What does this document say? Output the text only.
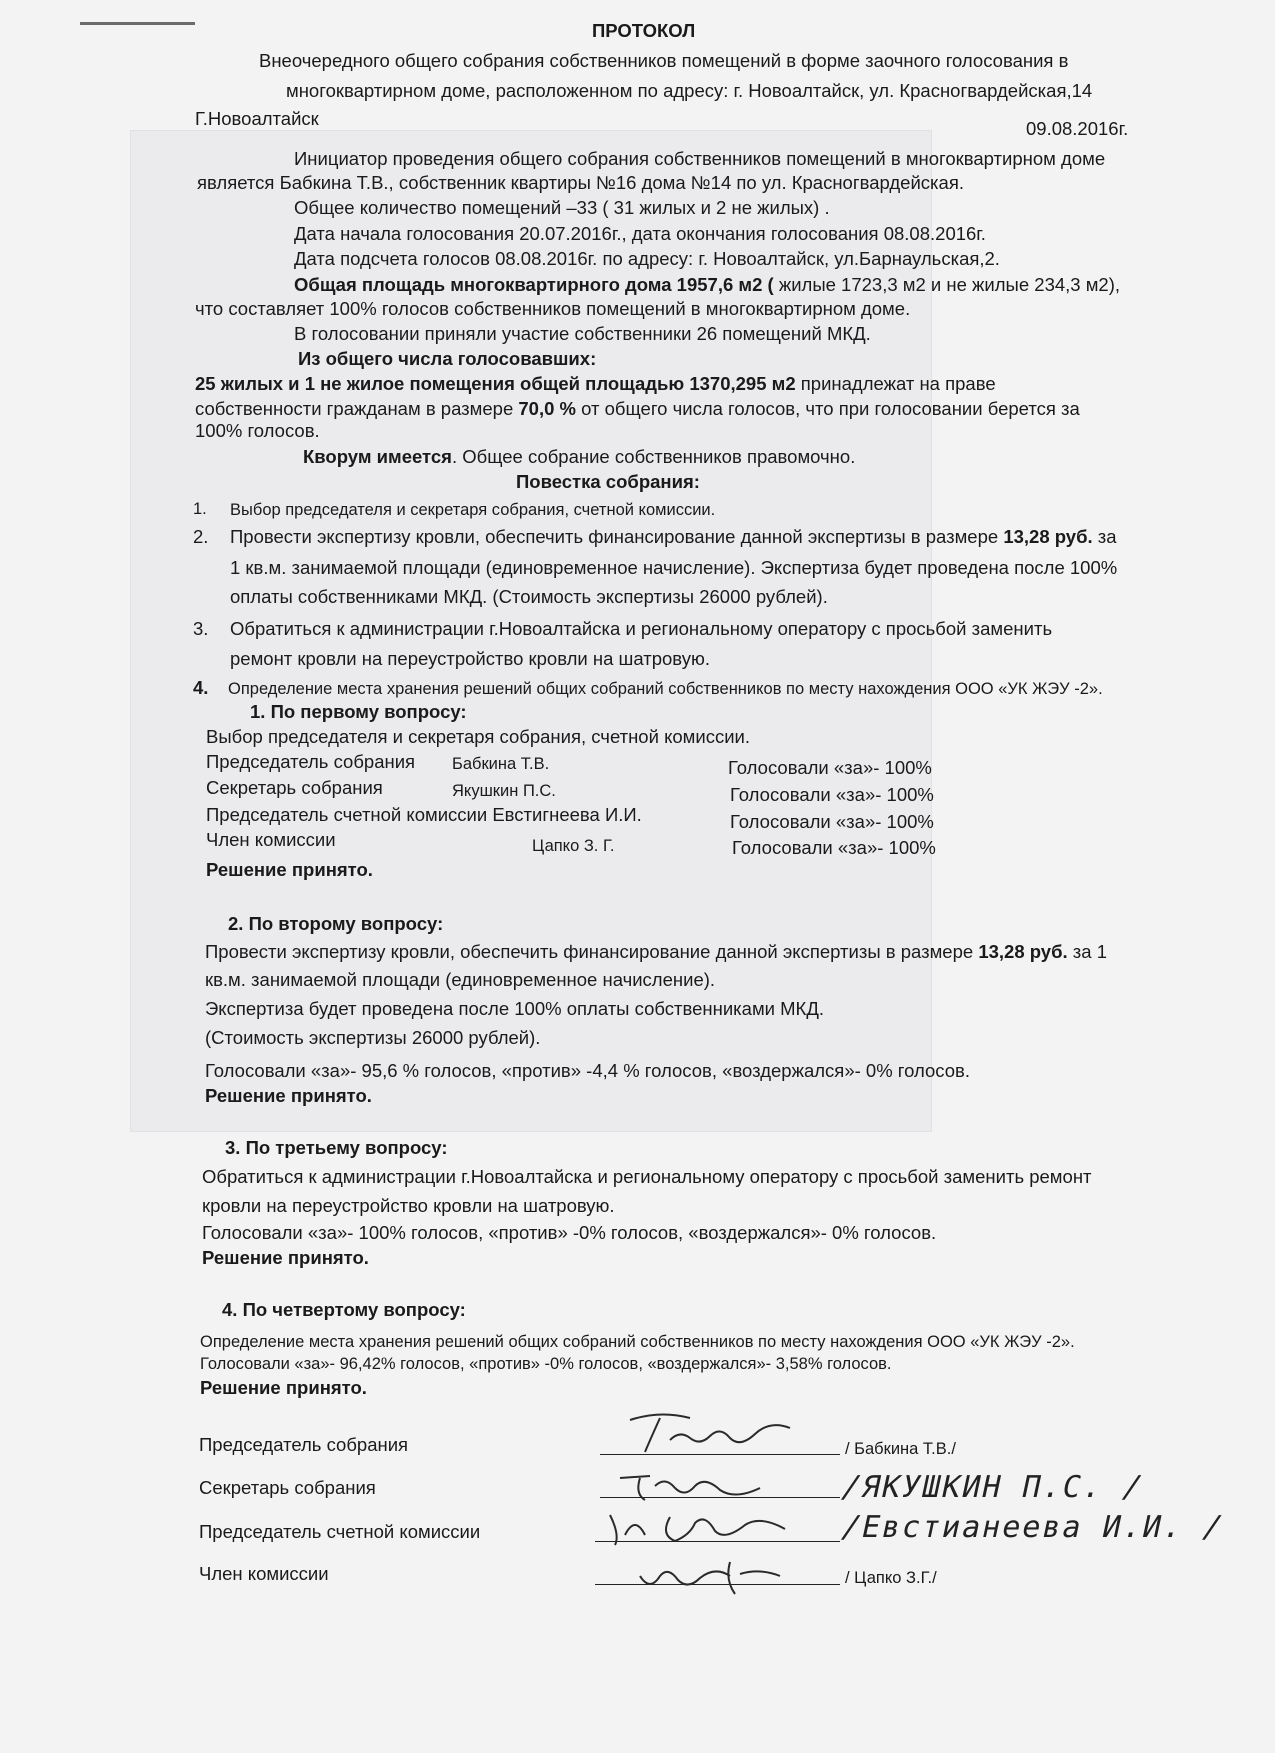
ПРОТОКОЛ
Внеочередного общего собрания собственников помещений в форме заочного голосования в
многоквартирном доме, расположенном по адресу: г. Новоалтайск, ул. Красногвардейская,14
Г.Новоалтайск	09.08.2016г.
Инициатор проведения общего собрания собственников помещений в многоквартирном доме
является Бабкина Т.В., собственник квартиры №16 дома №14 по ул. Красногвардейская.
Общее количество помещений –33 ( 31 жилых и 2 не жилых) .
Дата начала голосования 20.07.2016г., дата окончания голосования 08.08.2016г.
Дата подсчета голосов 08.08.2016г. по адресу: г. Новоалтайск, ул.Барнаульская,2.
Общая площадь многоквартирного дома 1957,6 м2 ( жилые 1723,3 м2 и не жилые 234,3 м2),
что составляет 100% голосов собственников помещений в многоквартирном доме.
В голосовании приняли участие собственники 26 помещений МКД.
Из общего числа голосовавших:
25 жилых и 1 не жилое помещения общей площадью 1370,295 м2 принадлежат на праве
собственности гражданам в размере 70,0 % от общего числа голосов, что при голосовании берется за
100% голосов.
Кворум имеется. Общее собрание собственников правомочно.
Повестка собрания:
1. Выбор председателя и секретаря собрания, счетной комиссии.
2. Провести экспертизу кровли, обеспечить финансирование данной экспертизы в размере 13,28 руб. за
1 кв.м. занимаемой площади (единовременное начисление). Экспертиза будет проведена после 100%
оплаты собственниками МКД. (Стоимость экспертизы 26000 рублей).
3. Обратиться к администрации г.Новоалтайска и региональному оператору с просьбой заменить
ремонт кровли на переустройство кровли на шатровую.
4. Определение места хранения решений общих собраний собственников по месту нахождения ООО «УК ЖЭУ -2».
1. По первому вопросу:
Выбор председателя и секретаря собрания, счетной комиссии.
Председатель собрания Бабкина Т.В.	Голосовали «за»- 100%
Секретарь собрания	Якушкин П.С.	Голосовали «за»- 100%
Председатель счетной комиссии Евстигнеева И.И.	Голосовали «за»- 100%
Член комиссии	Цапко З. Г.	Голосовали «за»- 100%
Решение принято.
2. По второму вопросу:
Провести экспертизу кровли, обеспечить финансирование данной экспертизы в размере 13,28 руб. за 1
кв.м. занимаемой площади (единовременное начисление).
Экспертиза будет проведена после 100% оплаты собственниками МКД.
(Стоимость экспертизы 26000 рублей).
Голосовали «за»- 95,6 % голосов, «против» -4,4 % голосов, «воздержался»- 0% голосов.
Решение принято.
3. По третьему вопросу:
Обратиться к администрации г.Новоалтайска и региональному оператору с просьбой заменить ремонт
кровли на переустройство кровли на шатровую.
Голосовали «за»- 100% голосов, «против» -0% голосов, «воздержался»- 0% голосов.
Решение принято.
4. По четвертому вопросу:
Определение места хранения решений общих собраний собственников по месту нахождения ООО «УК ЖЭУ -2».
Голосовали «за»- 96,42% голосов, «против» -0% голосов, «воздержался»- 3,58% голосов.
Решение принято.
Председатель собрания	/ Бабкина Т.В./
Секретарь собрания	/ЯКУШКИН П.С. /
Председатель счетной комиссии	/Евстианеева И.И. /
Член комиссии	/ Цапко З.Г./
